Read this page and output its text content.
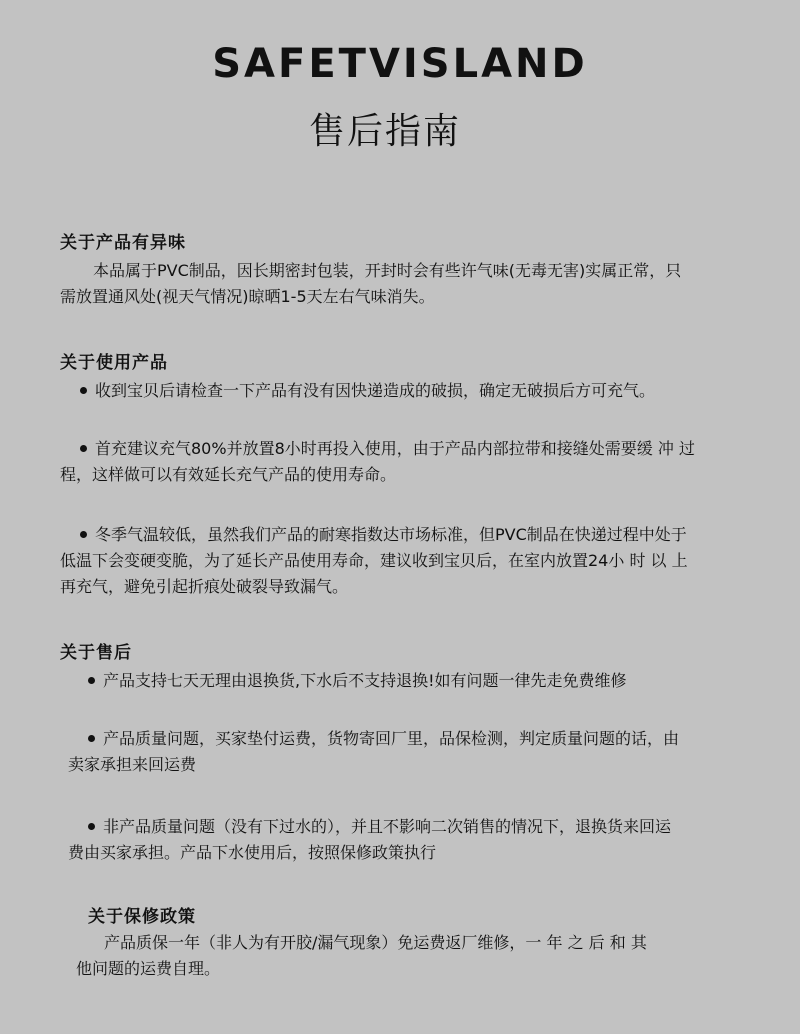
SAFETVISLAND
售后指南
关于产品有异味
本品属于PVC制品，因长期密封包装，开封时会有些许气味(无毒无害)实属正常，只
需放置通风处(视天气情况)晾晒1-5天左右气味消失。
关于使用产品
收到宝贝后请检查一下产品有没有因快递造成的破损，确定无破损后方可充气。
首充建议充气80%并放置8小时再投入使用，由于产品内部拉带和接缝处需要缓 冲 过
程，这样做可以有效延长充气产品的使用寿命。
冬季气温较低，虽然我们产品的耐寒指数达市场标准，但PVC制品在快递过程中处于
低温下会变硬变脆，为了延长产品使用寿命，建议收到宝贝后，在室内放置24小 时 以 上
再充气，避免引起折痕处破裂导致漏气。
关于售后
产品支持七天无理由退换货,下水后不支持退换!如有问题一律先走免费维修
产品质量问题，买家垫付运费，货物寄回厂里，品保检测，判定质量问题的话，由
卖家承担来回运费
非产品质量问题（没有下过水的），并且不影响二次销售的情况下，退换货来回运
费由买家承担。产品下水使用后，按照保修政策执行
关于保修政策
产品质保一年（非人为有开胶/漏气现象）免运费返厂维修，一 年 之 后 和 其
他问题的运费自理。
